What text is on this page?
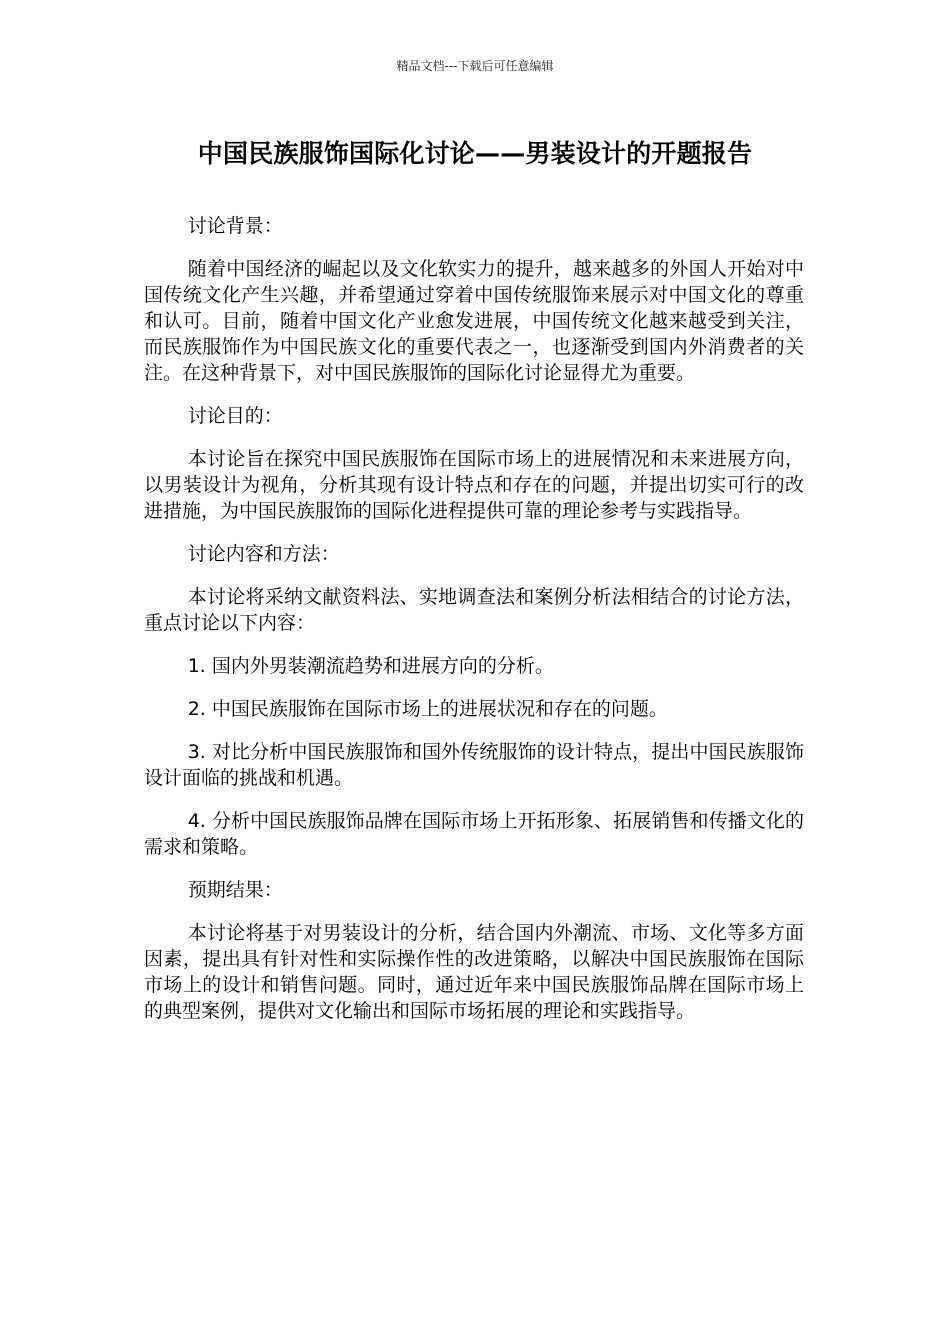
精品文档---下载后可任意编辑
中国民族服饰国际化讨论——男装设计的开题报告

讨论背景：

随着中国经济的崛起以及文化软实力的提升，越来越多的外国人开始对中国传统文化产生兴趣，并希望通过穿着中国传统服饰来展示对中国文化的尊重和认可。目前，随着中国文化产业愈发进展，中国传统文化越来越受到关注，而民族服饰作为中国民族文化的重要代表之一，也逐渐受到国内外消费者的关注。在这种背景下，对中国民族服饰的国际化讨论显得尤为重要。

讨论目的：

本讨论旨在探究中国民族服饰在国际市场上的进展情况和未来进展方向，以男装设计为视角，分析其现有设计特点和存在的问题，并提出切实可行的改进措施，为中国民族服饰的国际化进程提供可靠的理论参考与实践指导。

讨论内容和方法：

本讨论将采纳文献资料法、实地调查法和案例分析法相结合的讨论方法，重点讨论以下内容：

1. 国内外男装潮流趋势和进展方向的分析。

2. 中国民族服饰在国际市场上的进展状况和存在的问题。

3. 对比分析中国民族服饰和国外传统服饰的设计特点，提出中国民族服饰设计面临的挑战和机遇。

4. 分析中国民族服饰品牌在国际市场上开拓形象、拓展销售和传播文化的需求和策略。

预期结果：

本讨论将基于对男装设计的分析，结合国内外潮流、市场、文化等多方面因素，提出具有针对性和实际操作性的改进策略，以解决中国民族服饰在国际市场上的设计和销售问题。同时，通过近年来中国民族服饰品牌在国际市场上的典型案例，提供对文化输出和国际市场拓展的理论和实践指导。
